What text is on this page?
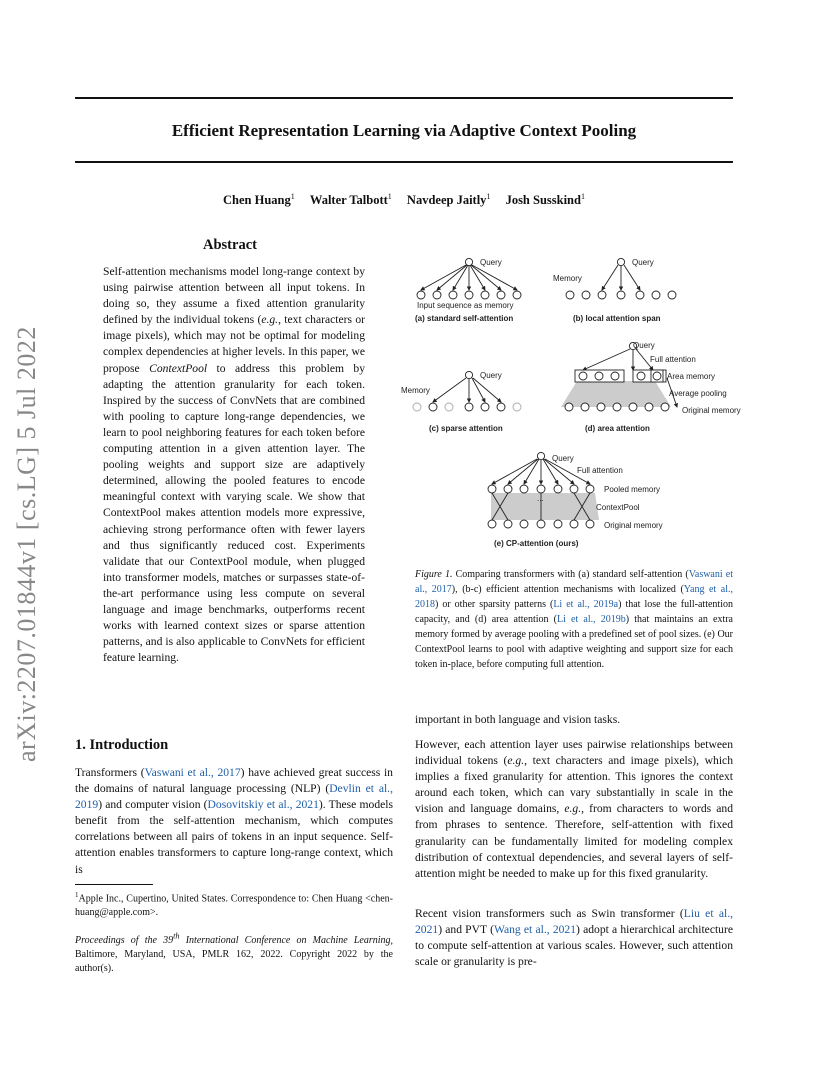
Efficient Representation Learning via Adaptive Context Pooling
Chen Huang$^1$ Walter Talbott$^1$ Navdeep Jaitly$^1$ Josh Susskind$^1$
arXiv:2207.01844v1 [cs.LG] 5 Jul 2022
Abstract
Self-attention mechanisms model long-range context by using pairwise attention between all input tokens. In doing so, they assume a fixed attention granularity defined by the individual tokens (e.g., text characters or image pixels), which may not be optimal for modeling complex dependencies at higher levels. In this paper, we propose ContextPool to address this problem by adapting the attention granularity for each token. Inspired by the success of ConvNets that are combined with pooling to capture long-range dependencies, we learn to pool neighboring features for each token before computing attention in a given attention layer. The pooling weights and support size are adaptively determined, allowing the pooled features to encode meaningful context with varying scale. We show that ContextPool makes attention models more expressive, achieving strong performance often with fewer layers and thus significantly reduced cost. Experiments validate that our ContextPool module, when plugged into transformer models, matches or surpasses state-of-the-art performance using less compute on several language and image benchmarks, outperforms recent works with learned context sizes or sparse attention patterns, and is also applicable to ConvNets for efficient feature learning.
Query
Input sequence as memory
(a) standard self-attention
Query
Memory
(b) local attention span
Query
Memory
(c) sparse attention
Query
Full attention
Area memory
Average pooling
Original memory
(d) area attention
Query
Full attention
...
Pooled memory
ContextPool
Original memory
(e) CP-attention (ours)
Figure 1. Comparing transformers with (a) standard self-attention (Vaswani et al., 2017), (b-c) efficient attention mechanisms with localized (Yang et al., 2018) or other sparsity patterns (Li et al., 2019a) that lose the full-attention capacity, and (d) area attention (Li et al., 2019b) that maintains an extra memory formed by average pooling with a predefined set of pool sizes. (e) Our ContextPool learns to pool with adaptive weighting and support size for each token in-place, before computing full attention.
1. Introduction
Transformers (Vaswani et al., 2017) have achieved great success in the domains of natural language processing (NLP) (Devlin et al., 2019) and computer vision (Dosovitskiy et al., 2021). These models benefit from the self-attention mechanism, which computes correlations between all pairs of tokens in an input sequence. Self-attention enables transformers to capture long-range context, which is
$^1$Apple Inc., Cupertino, United States. Correspondence to: Chen Huang <chen-huang@apple.com>.
Proceedings of the 39th International Conference on Machine Learning, Baltimore, Maryland, USA, PMLR 162, 2022. Copyright 2022 by the author(s).
important in both language and vision tasks.
However, each attention layer uses pairwise relationships between individual tokens (e.g., text characters and image pixels), which implies a fixed granularity for attention. This ignores the context around each token, which can vary substantially in scale in the vision and language domains, e.g., from characters to words and from phrases to sentence. Therefore, self-attention with fixed granularity can be fundamentally limited for modeling complex distribution of contextual dependencies, and several layers of self-attention might be needed to make up for this fixed granularity.
Recent vision transformers such as Swin transformer (Liu et al., 2021) and PVT (Wang et al., 2021) adopt a hierarchical architecture to compute self-attention at various scales. However, such attention scale or granularity is pre-
